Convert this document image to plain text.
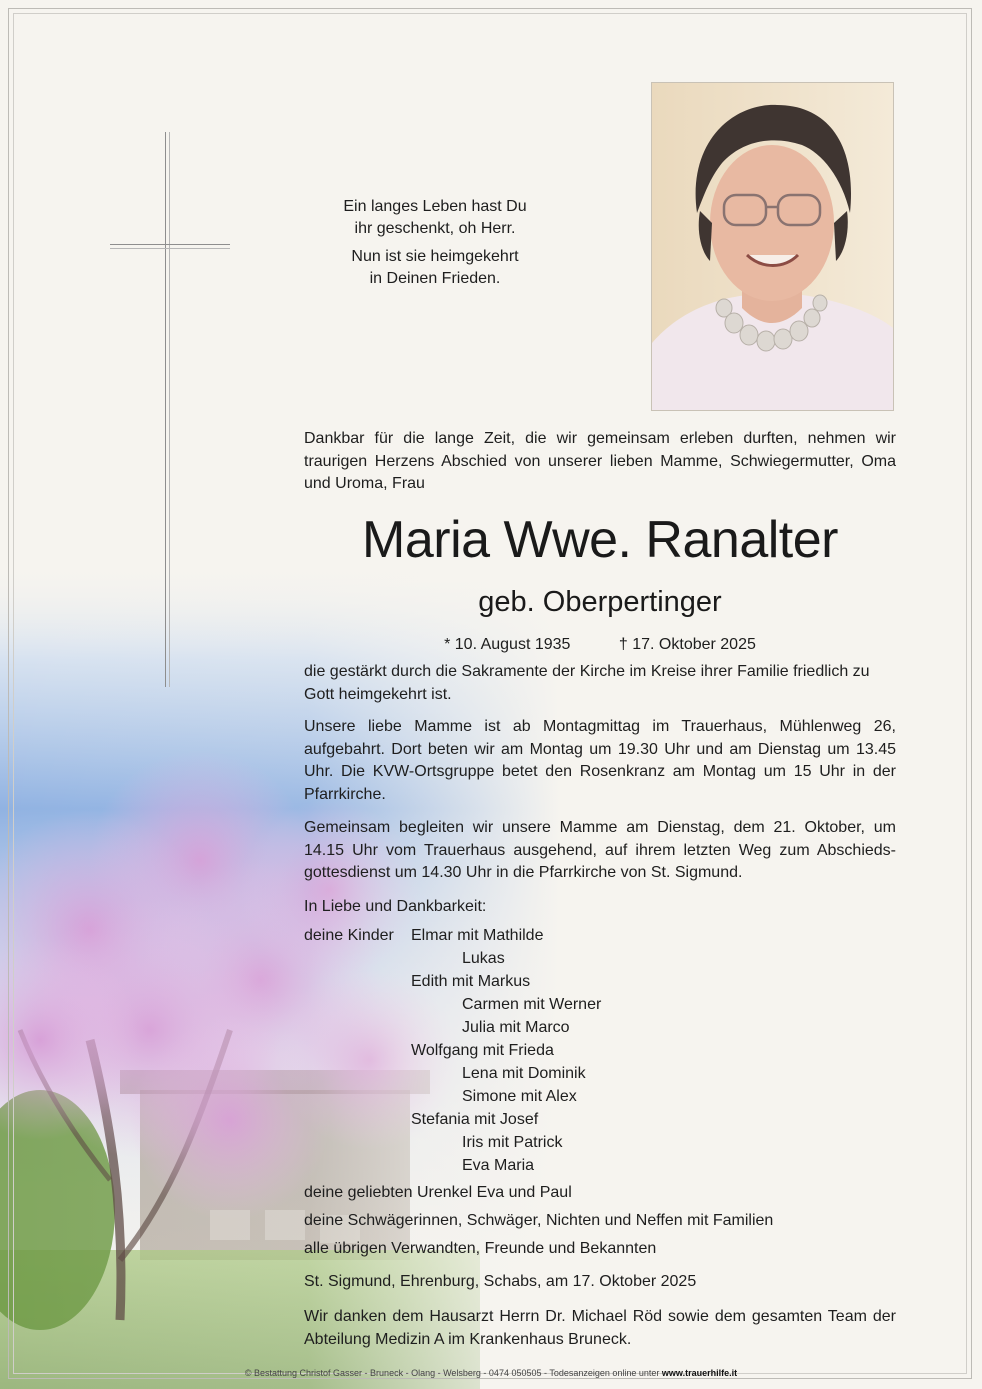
Ein langes Leben hast Du

ihr geschenkt, oh Herr.

Nun ist sie heimgekehrt

in Deinen Frieden.

Dankbar für die lange Zeit, die wir gemeinsam erleben durften, nehmen wir traurigen Herzens Abschied von unserer lieben Mamme, Schwiegermutter, Oma und Uroma, Frau
Maria Wwe. Ranalter
geb. Oberpertinger
* 10. August 1935	† 17. Oktober 2025
die gestärkt durch die Sakramente der Kirche im Kreise ihrer Familie friedlich zu Gott heimgekehrt ist.
Unsere liebe Mamme ist ab Montagmittag im Trauerhaus, Mühlenweg 26, aufgebahrt. Dort beten wir am Montag um 19.30 Uhr und am Dienstag um 13.45 Uhr. Die KVW-Ortsgruppe betet den Rosenkranz am Montag um 15 Uhr in der Pfarrkirche.
Gemeinsam begleiten wir unsere Mamme am Dienstag, dem 21. Oktober, um 14.15 Uhr vom Trauerhaus ausgehend, auf ihrem letzten Weg zum Abschiedsgottesdienst um 14.30 Uhr in die Pfarrkirche von St. Sigmund.
In Liebe und Dankbarkeit:
deine Kinder Elmar mit Mathilde
Lukas
Edith mit Markus
Carmen mit Werner
Julia mit Marco
Wolfgang mit Frieda
Lena mit Dominik
Simone mit Alex
Stefania mit Josef
Iris mit Patrick
Eva Maria
deine geliebten Urenkel Eva und Paul
deine Schwägerinnen, Schwäger, Nichten und Neffen mit Familien
alle übrigen Verwandten, Freunde und Bekannten
St. Sigmund, Ehrenburg, Schabs, am 17. Oktober 2025
Wir danken dem Hausarzt Herrn Dr. Michael Röd sowie dem gesamten Team der Abteilung Medizin A im Krankenhaus Bruneck.
© Bestattung Christof Gasser - Bruneck - Olang - Welsberg - 0474 050505 - Todesanzeigen online unter www.trauerhilfe.it
